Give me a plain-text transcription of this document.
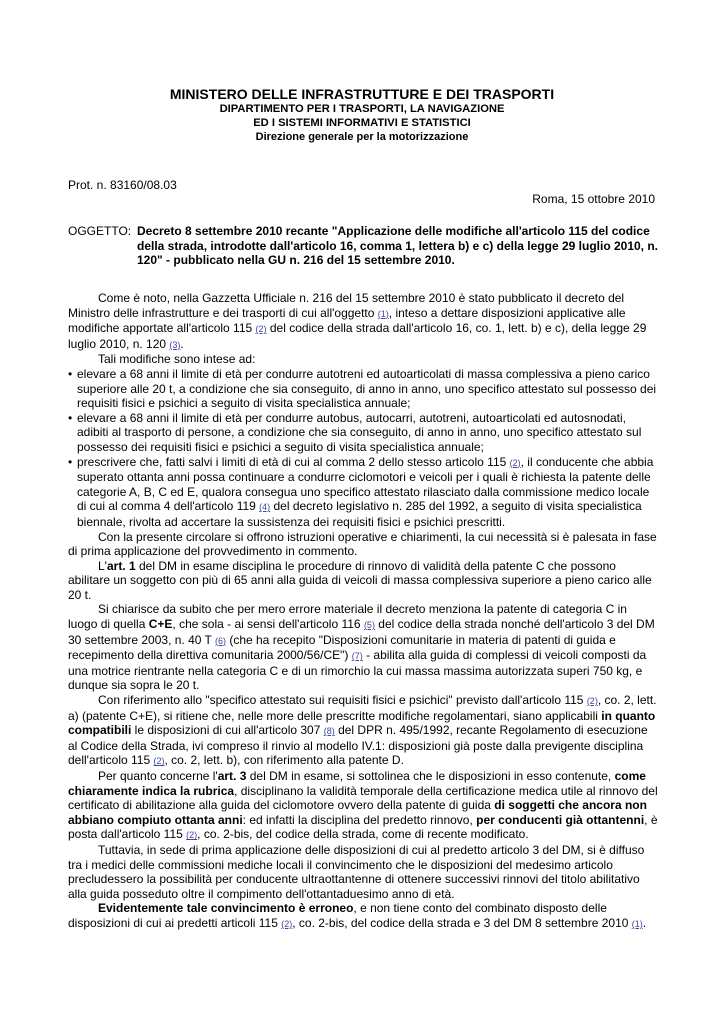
MINISTERO DELLE INFRASTRUTTURE E DEI TRASPORTI
DIPARTIMENTO PER I TRASPORTI, LA NAVIGAZIONE
ED I SISTEMI INFORMATIVI E STATISTICI
Direzione generale per la motorizzazione
Prot. n. 83160/08.03
Roma, 15 ottobre 2010
OGGETTO: Decreto 8 settembre 2010 recante "Applicazione delle modifiche all'articolo 115 del codice della strada, introdotte dall'articolo 16, comma 1, lettera b) e c) della legge 29 luglio 2010, n. 120" - pubblicato nella GU n. 216 del 15 settembre 2010.

Come è noto, nella Gazzetta Ufficiale n. 216 del 15 settembre 2010 è stato pubblicato il decreto del Ministro delle infrastrutture e dei trasporti di cui all'oggetto (1), inteso a dettare disposizioni applicative alle modifiche apportate all'articolo 115 (2) del codice della strada dall'articolo 16, co. 1, lett. b) e c), della legge 29 luglio 2010, n. 120 (3).

Tali modifiche sono intese ad:

• elevare a 68 anni il limite di età per condurre autotreni ed autoarticolati di massa complessiva a pieno carico superiore alle 20 t, a condizione che sia conseguito, di anno in anno, uno specifico attestato sul possesso dei requisiti fisici e psichici a seguito di visita specialistica annuale;
• elevare a 68 anni il limite di età per condurre autobus, autocarri, autotreni, autoarticolati ed autosnodati, adibiti al trasporto di persone, a condizione che sia conseguito, di anno in anno, uno specifico attestato sul possesso dei requisiti fisici e psichici a seguito di visita specialistica annuale;
• prescrivere che, fatti salvi i limiti di età di cui al comma 2 dello stesso articolo 115 (2), il conducente che abbia superato ottanta anni possa continuare a condurre ciclomotori e veicoli per i quali è richiesta la patente delle categorie A, B, C ed E, qualora consegua uno specifico attestato rilasciato dalla commissione medico locale di cui al comma 4 dell'articolo 119 (4) del decreto legislativo n. 285 del 1992, a seguito di visita specialistica biennale, rivolta ad accertare la sussistenza dei requisiti fisici e psichici prescritti.

Con la presente circolare si offrono istruzioni operative e chiarimenti, la cui necessità si è palesata in fase di prima applicazione del provvedimento in commento.

L'art. 1 del DM in esame disciplina le procedure di rinnovo di validità della patente C che possono abilitare un soggetto con più di 65 anni alla guida di veicoli di massa complessiva superiore a pieno carico alle 20 t.

Si chiarisce da subito che per mero errore materiale il decreto menziona la patente di categoria C in luogo di quella C+E, che sola - ai sensi dell'articolo 116 (5) del codice della strada nonché dell'articolo 3 del DM 30 settembre 2003, n. 40 T (6) (che ha recepito "Disposizioni comunitarie in materia di patenti di guida e recepimento della direttiva comunitaria 2000/56/CE") (7) - abilita alla guida di complessi di veicoli composti da una motrice rientrante nella categoria C e di un rimorchio la cui massa massima autorizzata superi 750 kg, e dunque sia sopra le 20 t.

Con riferimento allo "specifico attestato sui requisiti fisici e psichici" previsto dall'articolo 115 (2), co. 2, lett. a) (patente C+E), si ritiene che, nelle more delle prescritte modifiche regolamentari, siano applicabili in quanto compatibili le disposizioni di cui all'articolo 307 (8) del DPR n. 495/1992, recante Regolamento di esecuzione al Codice della Strada, ivi compreso il rinvio al modello IV.1: disposizioni già poste dalla previgente disciplina dell'articolo 115 (2), co. 2, lett. b), con riferimento alla patente D.

Per quanto concerne l'art. 3 del DM in esame, si sottolinea che le disposizioni in esso contenute, come chiaramente indica la rubrica, disciplinano la validità temporale della certificazione medica utile al rinnovo del certificato di abilitazione alla guida del ciclomotore ovvero della patente di guida di soggetti che ancora non abbiano compiuto ottanta anni: ed infatti la disciplina del predetto rinnovo, per conducenti già ottantenni, è posta dall'articolo 115 (2), co. 2-bis, del codice della strada, come di recente modificato.

Tuttavia, in sede di prima applicazione delle disposizioni di cui al predetto articolo 3 del DM, si è diffuso tra i medici delle commissioni mediche locali il convincimento che le disposizioni del medesimo articolo precludessero la possibilità per conducente ultraottantenne di ottenere successivi rinnovi del titolo abilitativo alla guida posseduto oltre il compimento dell'ottantaduesimo anno di età.

Evidentemente tale convincimento è erroneo, e non tiene conto del combinato disposto delle disposizioni di cui ai predetti articoli 115 (2), co. 2-bis, del codice della strada e 3 del DM 8 settembre 2010 (1).
